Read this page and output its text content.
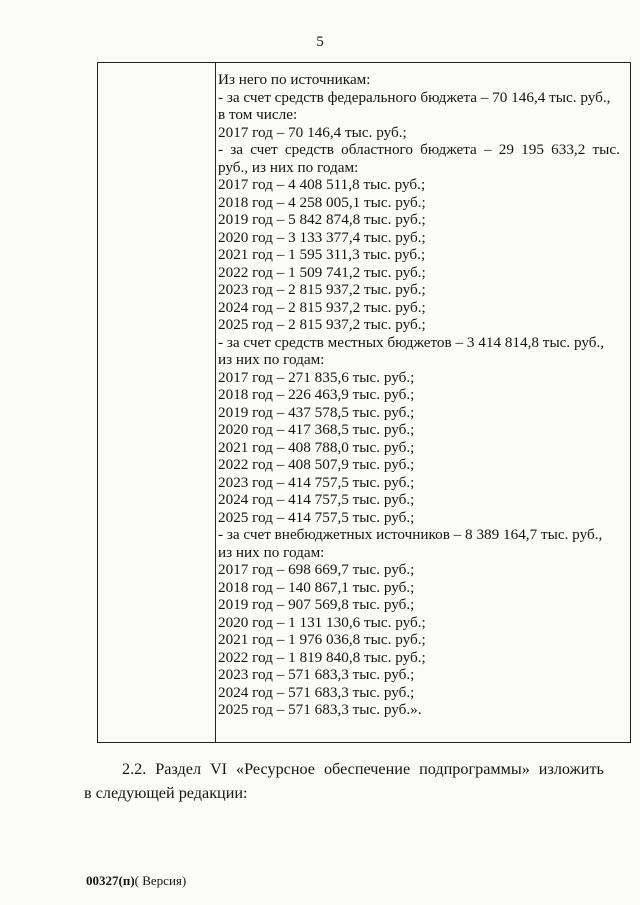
5
Из него по источникам:
- за счет средств федерального бюджета – 70 146,4 тыс. руб.,
в том числе:
2017 год – 70 146,4 тыс. руб.;
- за счет средств областного бюджета – 29 195 633,2 тыс.
руб., из них по годам:
2017 год – 4 408 511,8 тыс. руб.;
2018 год – 4 258 005,1 тыс. руб.;
2019 год – 5 842 874,8 тыс. руб.;
2020 год – 3 133 377,4 тыс. руб.;
2021 год – 1 595 311,3 тыс. руб.;
2022 год – 1 509 741,2 тыс. руб.;
2023 год – 2 815 937,2 тыс. руб.;
2024 год – 2 815 937,2 тыс. руб.;
2025 год – 2 815 937,2 тыс. руб.;
- за счет средств местных бюджетов – 3 414 814,8 тыс. руб.,
из них по годам:
2017 год – 271 835,6 тыс. руб.;
2018 год – 226 463,9 тыс. руб.;
2019 год – 437 578,5 тыс. руб.;
2020 год – 417 368,5 тыс. руб.;
2021 год – 408 788,0 тыс. руб.;
2022 год – 408 507,9 тыс. руб.;
2023 год – 414 757,5 тыс. руб.;
2024 год – 414 757,5 тыс. руб.;
2025 год – 414 757,5 тыс. руб.;
- за счет внебюджетных источников – 8 389 164,7 тыс. руб.,
из них по годам:
2017 год – 698 669,7 тыс. руб.;
2018 год – 140 867,1 тыс. руб.;
2019 год – 907 569,8 тыс. руб.;
2020 год – 1 131 130,6 тыс. руб.;
2021 год – 1 976 036,8 тыс. руб.;
2022 год – 1 819 840,8 тыс. руб.;
2023 год – 571 683,3 тыс. руб.;
2024 год – 571 683,3 тыс. руб.;
2025 год – 571 683,3 тыс. руб.».
2.2. Раздел VI «Ресурсное обеспечение подпрограммы» изложить
в следующей редакции:
00327(п)( Версия)
